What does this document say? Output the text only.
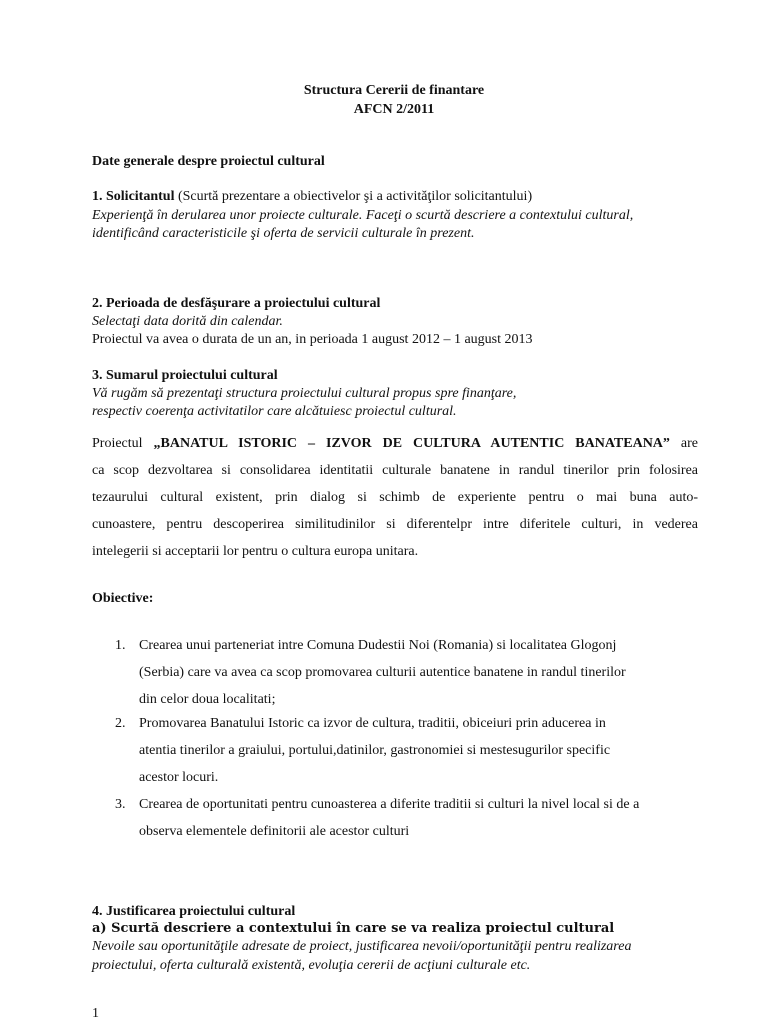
Structura Cererii de finantare
AFCN 2/2011
Date generale despre proiectul cultural
1. Solicitantul (Scurtă prezentare a obiectivelor şi a activităţilor solicitantului)
Experienţă în derularea unor proiecte culturale. Faceţi o scurtă descriere a contextului cultural,
identificând caracteristicile şi oferta de servicii culturale în prezent.
2. Perioada de desfăşurare a proiectului cultural
Selectaţi data dorită din calendar.
Proiectul va avea o durata de un an, in perioada 1 august 2012 – 1 august 2013
3. Sumarul proiectului cultural
Vă rugăm să prezentaţi structura proiectului cultural propus spre finanţare,
respectiv coerenţa activitatilor care alcătuiesc proiectul cultural.
Proiectul „BANATUL ISTORIC – IZVOR DE CULTURA AUTENTIC BANATEANA” are
ca scop dezvoltarea si consolidarea identitatii culturale banatene in randul tinerilor prin folosirea
tezaurului cultural existent, prin dialog si schimb de experiente pentru o mai buna auto-
cunoastere, pentru descoperirea similitudinilor si diferentelpr intre diferitele culturi, in vederea
intelegerii si acceptarii lor pentru o cultura europa unitara.
Obiective:
1. Crearea unui parteneriat intre Comuna Dudestii Noi (Romania) si localitatea Glogonj
(Serbia) care va avea ca scop promovarea culturii autentice banatene in randul tinerilor
din celor doua localitati;
2. Promovarea Banatului Istoric ca izvor de cultura, traditii, obiceiuri prin aducerea in
atentia tinerilor a graiului, portului,datinilor, gastronomiei si mestesugurilor specific
acestor locuri.
3. Crearea de oportunitati pentru cunoasterea a diferite traditii si culturi la nivel local si de a
observa elementele definitorii ale acestor culturi
4. Justificarea proiectului cultural
a) Scurtă descriere a contextului în care se va realiza proiectul cultural
Nevoile sau oportunităţile adresate de proiect, justificarea nevoii/oportunităţii pentru realizarea
proiectului, oferta culturală existentă, evoluţia cererii de acţiuni culturale etc.
1
